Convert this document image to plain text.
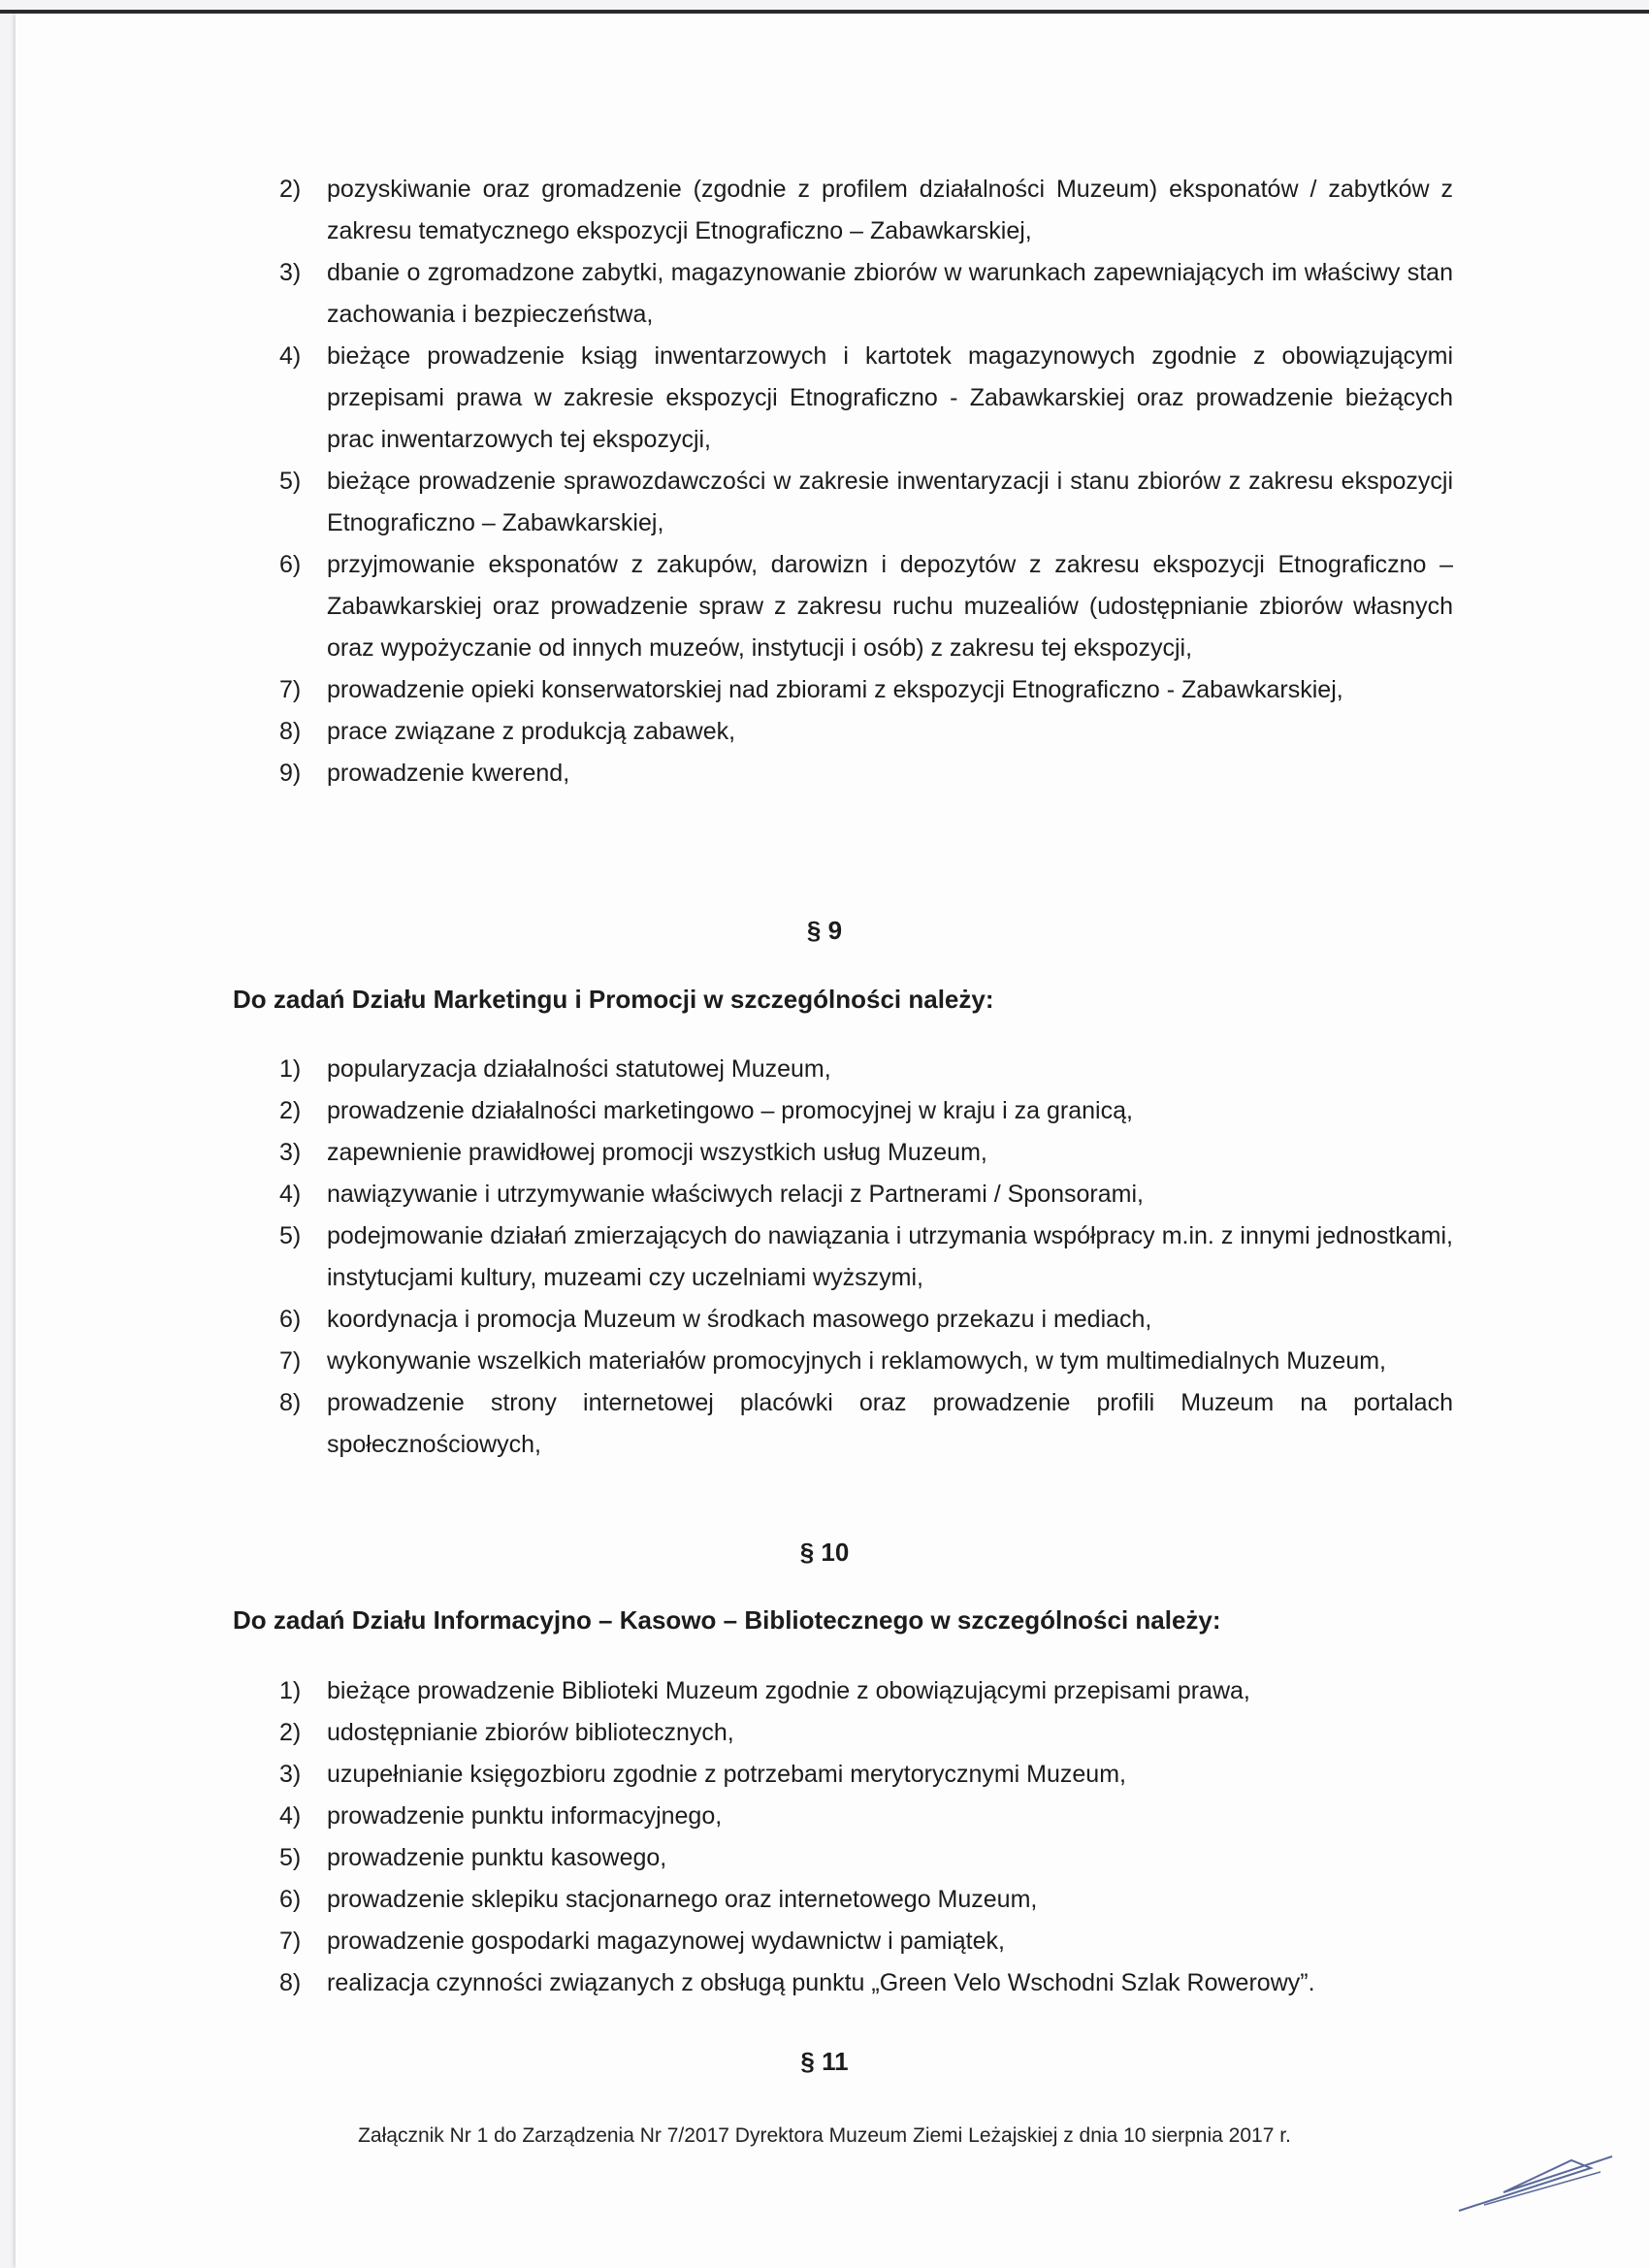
2)	pozyskiwanie oraz gromadzenie (zgodnie z profilem działalności Muzeum) eksponatów / zabytków z zakresu tematycznego ekspozycji Etnograficzno – Zabawkarskiej,
3)	dbanie o zgromadzone zabytki, magazynowanie zbiorów w warunkach zapewniających im właściwy stan zachowania i bezpieczeństwa,
4)	bieżące prowadzenie ksiąg inwentarzowych i kartotek magazynowych zgodnie z obowiązującymi przepisami prawa w zakresie ekspozycji Etnograficzno - Zabawkarskiej oraz prowadzenie bieżących prac inwentarzowych tej ekspozycji,
5)	bieżące prowadzenie sprawozdawczości w zakresie inwentaryzacji i stanu zbiorów z zakresu ekspozycji Etnograficzno – Zabawkarskiej,
6)	przyjmowanie eksponatów z zakupów, darowizn i depozytów z zakresu ekspozycji Etnograficzno – Zabawkarskiej oraz prowadzenie spraw z zakresu ruchu muzealiów (udostępnianie zbiorów własnych oraz wypożyczanie od innych muzeów, instytucji i osób) z zakresu tej ekspozycji,
7)	prowadzenie opieki konserwatorskiej nad zbiorami z ekspozycji Etnograficzno - Zabawkarskiej,
8)	prace związane z produkcją zabawek,
9)	prowadzenie kwerend,
§ 9
Do zadań Działu Marketingu i Promocji w szczególności należy:
1)	popularyzacja działalności statutowej Muzeum,
2)	prowadzenie działalności marketingowo – promocyjnej w kraju i za granicą,
3)	zapewnienie prawidłowej promocji wszystkich usług Muzeum,
4)	nawiązywanie i utrzymywanie właściwych relacji z Partnerami / Sponsorami,
5)	podejmowanie działań zmierzających do nawiązania i utrzymania współpracy m.in. z innymi jednostkami, instytucjami kultury, muzeami czy uczelniami wyższymi,
6)	koordynacja i promocja Muzeum w środkach masowego przekazu i mediach,
7)	wykonywanie wszelkich materiałów promocyjnych i reklamowych, w tym multimedialnych Muzeum,
8)	prowadzenie strony internetowej placówki oraz prowadzenie profili Muzeum na portalach społecznościowych,
§ 10
Do zadań Działu Informacyjno – Kasowo – Bibliotecznego w szczególności należy:
1)	bieżące prowadzenie Biblioteki Muzeum zgodnie z obowiązującymi przepisami prawa,
2)	udostępnianie zbiorów bibliotecznych,
3)	uzupełnianie księgozbioru zgodnie z potrzebami merytorycznymi Muzeum,
4)	prowadzenie punktu informacyjnego,
5)	prowadzenie punktu kasowego,
6)	prowadzenie sklepiku stacjonarnego oraz internetowego Muzeum,
7)	prowadzenie gospodarki magazynowej wydawnictw i pamiątek,
8)	realizacja czynności związanych z obsługą punktu „Green Velo Wschodni Szlak Rowerowy”.
§ 11
Załącznik Nr 1 do Zarządzenia Nr 7/2017 Dyrektora Muzeum Ziemi Leżajskiej z dnia 10 sierpnia 2017 r.
